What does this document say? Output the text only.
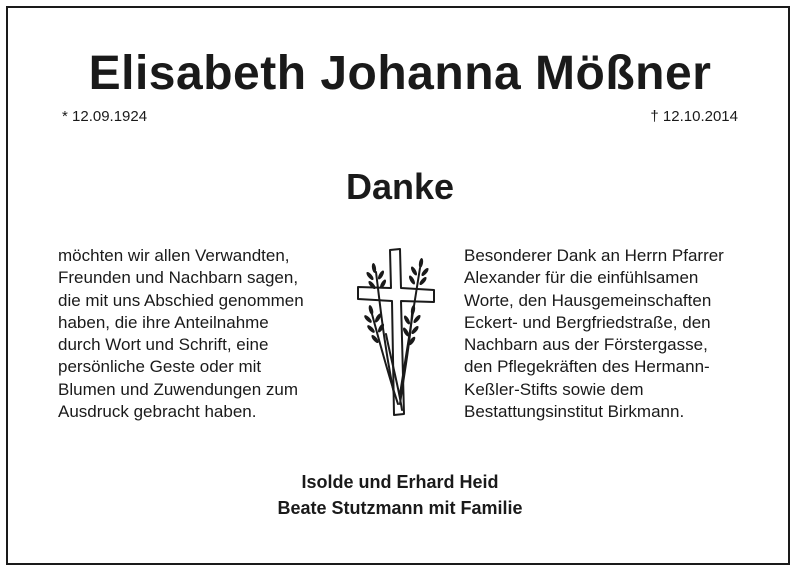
Elisabeth Johanna Mößner
* 12.09.1924	† 12.10.2014
Danke
möchten wir allen Verwandten,
Freunden und Nachbarn sagen,
die mit uns Abschied genommen
haben, die ihre Anteilnahme
durch Wort und Schrift, eine
persönliche Geste oder mit
Blumen und Zuwendungen zum
Ausdruck gebracht haben.
Besonderer Dank an Herrn Pfarrer
Alexander für die einfühlsamen
Worte, den Hausgemeinschaften
Eckert- und Bergfriedstraße, den
Nachbarn aus der Förstergasse,
den Pflegekräften des Hermann-
Keßler-Stifts sowie dem
Bestattungsinstitut Birkmann.
Isolde und Erhard Heid
Beate Stutzmann mit Familie
